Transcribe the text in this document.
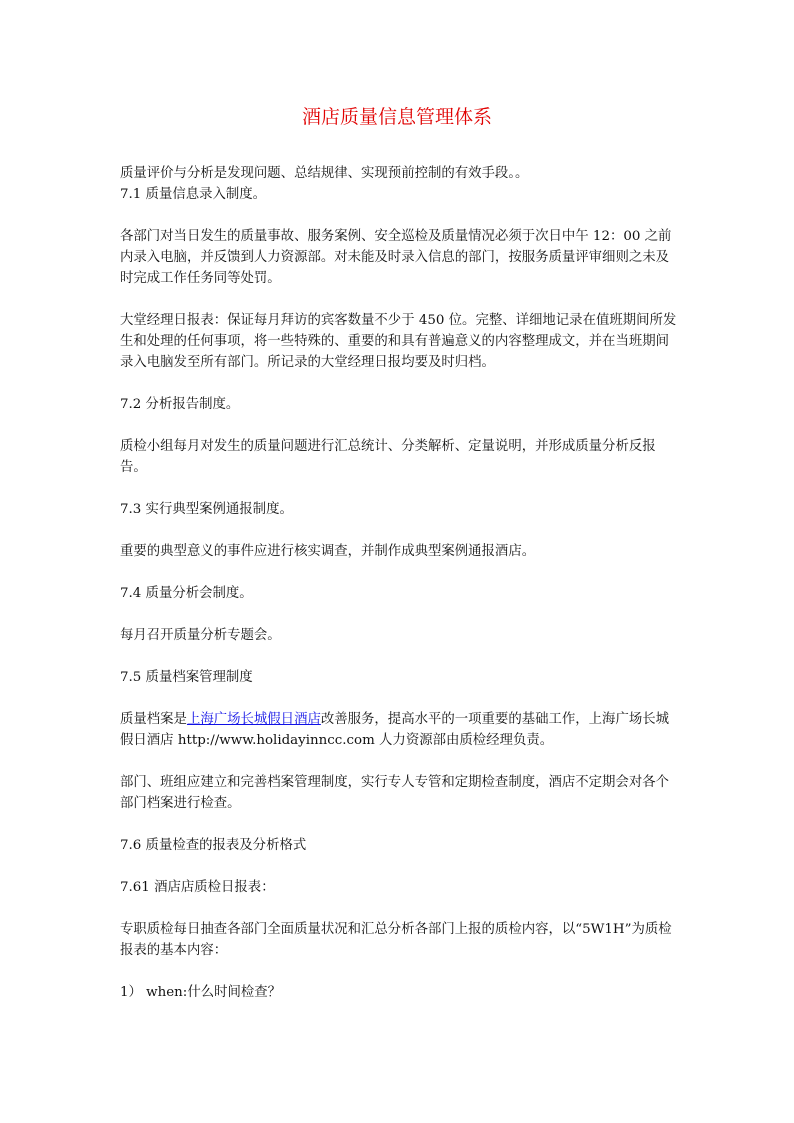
酒店质量信息管理体系

质量评价与分析是发现问题、总结规律、实现预前控制的有效手段。。

7.1 质量信息录入制度。

各部门对当日发生的质量事故、服务案例、安全巡检及质量情况必须于次日中午 12：00 之前内录入电脑，并反馈到人力资源部。对未能及时录入信息的部门，按服务质量评审细则之未及时完成工作任务同等处罚。

大堂经理日报表：保证每月拜访的宾客数量不少于 450 位。完整、详细地记录在值班期间所发生和处理的任何事项，将一些特殊的、重要的和具有普遍意义的内容整理成文，并在当班期间录入电脑发至所有部门。所记录的大堂经理日报均要及时归档。

7.2 分析报告制度。

质检小组每月对发生的质量问题进行汇总统计、分类解析、定量说明，并形成质量分析反报告。

7.3 实行典型案例通报制度。

重要的典型意义的事件应进行核实调查，并制作成典型案例通报酒店。

7.4 质量分析会制度。

每月召开质量分析专题会。

7.5 质量档案管理制度

质量档案是上海广场长城假日酒店改善服务，提高水平的一项重要的基础工作，上海广场长城假日酒店 http://www.holidayinncc.com 人力资源部由质检经理负责。

部门、班组应建立和完善档案管理制度，实行专人专管和定期检查制度，酒店不定期会对各个部门档案进行检查。

7.6 质量检查的报表及分析格式

7.61 酒店店质检日报表：

专职质检每日抽查各部门全面质量状况和汇总分析各部门上报的质检内容，以“5W1H”为质检报表的基本内容：

1） when:什么时间检查？
